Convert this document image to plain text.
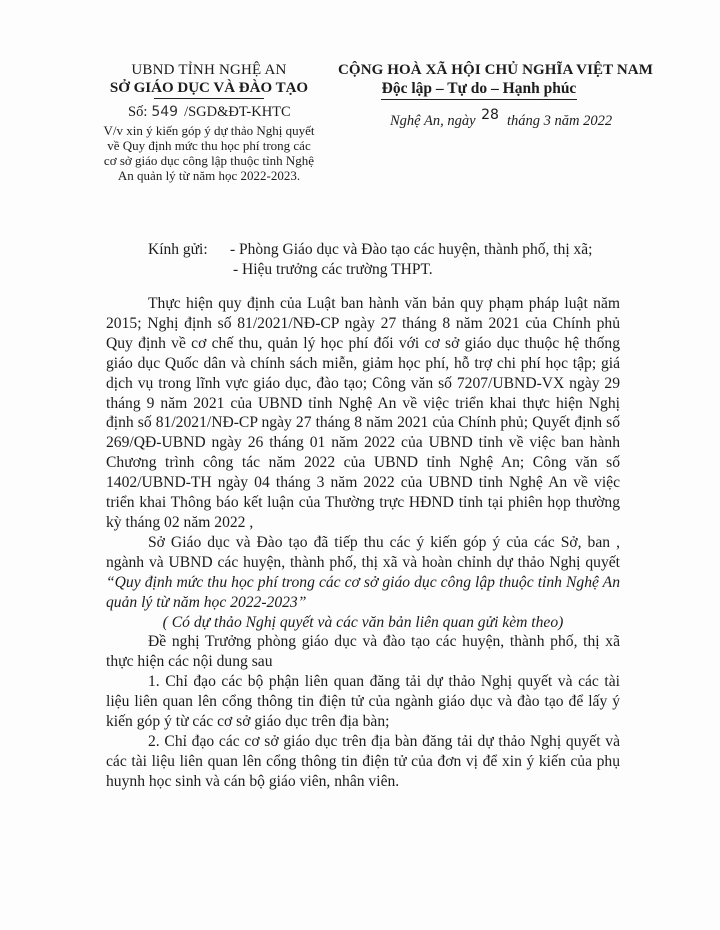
UBND TỈNH NGHỆ AN
SỞ GIÁO DỤC VÀ ĐÀO TẠO
Số: 549 /SGD&ĐT-KHTC
V/v xin ý kiến góp ý dự thảo Nghị quyết về Quy định mức thu học phí trong các cơ sở giáo dục công lập thuộc tỉnh Nghệ An quản lý từ năm học 2022-2023.
CỘNG HOÀ XÃ HỘI CHỦ NGHĨA VIỆT NAM
Độc lập – Tự do – Hạnh phúc
Nghệ An, ngày 28 tháng 3 năm 2022
Kính gửi: - Phòng Giáo dục và Đào tạo các huyện, thành phố, thị xã;
- Hiệu trưởng các trường THPT.

Thực hiện quy định của Luật ban hành văn bản quy phạm pháp luật năm 2015; Nghị định số 81/2021/NĐ-CP ngày 27 tháng 8 năm 2021 của Chính phủ Quy định về cơ chế thu, quản lý học phí đối với cơ sở giáo dục thuộc hệ thống giáo dục Quốc dân và chính sách miễn, giảm học phí, hỗ trợ chi phí học tập; giá dịch vụ trong lĩnh vực giáo dục, đào tạo; Công văn số 7207/UBND-VX ngày 29 tháng 9 năm 2021 của UBND tỉnh Nghệ An về việc triển khai thực hiện Nghị định số 81/2021/NĐ-CP ngày 27 tháng 8 năm 2021 của Chính phủ; Quyết định số 269/QĐ-UBND ngày 26 tháng 01 năm 2022 của UBND tỉnh về việc ban hành Chương trình công tác năm 2022 của UBND tỉnh Nghệ An; Công văn số 1402/UBND-TH ngày 04 tháng 3 năm 2022 của UBND tỉnh Nghệ An về việc triển khai Thông báo kết luận của Thường trực HĐND tỉnh tại phiên họp thường kỳ tháng 02 năm 2022 ,

Sở Giáo dục và Đào tạo đã tiếp thu các ý kiến góp ý của các Sở, ban , ngành và UBND các huyện, thành phố, thị xã và hoàn chỉnh dự thảo Nghị quyết “Quy định mức thu học phí trong các cơ sở giáo dục công lập thuộc tỉnh Nghệ An quản lý từ năm học 2022-2023”

( Có dự thảo Nghị quyết và các văn bản liên quan gửi kèm theo)

Đề nghị Trưởng phòng giáo dục và đào tạo các huyện, thành phố, thị xã thực hiện các nội dung sau

1. Chỉ đạo các bộ phận liên quan đăng tải dự thảo Nghị quyết và các tài liệu liên quan lên cổng thông tin điện tử của ngành giáo dục và đào tạo để lấy ý kiến góp ý từ các cơ sở giáo dục trên địa bàn;

2. Chỉ đạo các cơ sở giáo dục trên địa bàn đăng tải dự thảo Nghị quyết và các tài liệu liên quan lên cổng thông tin điện tử của đơn vị để xin ý kiến của phụ huynh học sinh và cán bộ giáo viên, nhân viên.
